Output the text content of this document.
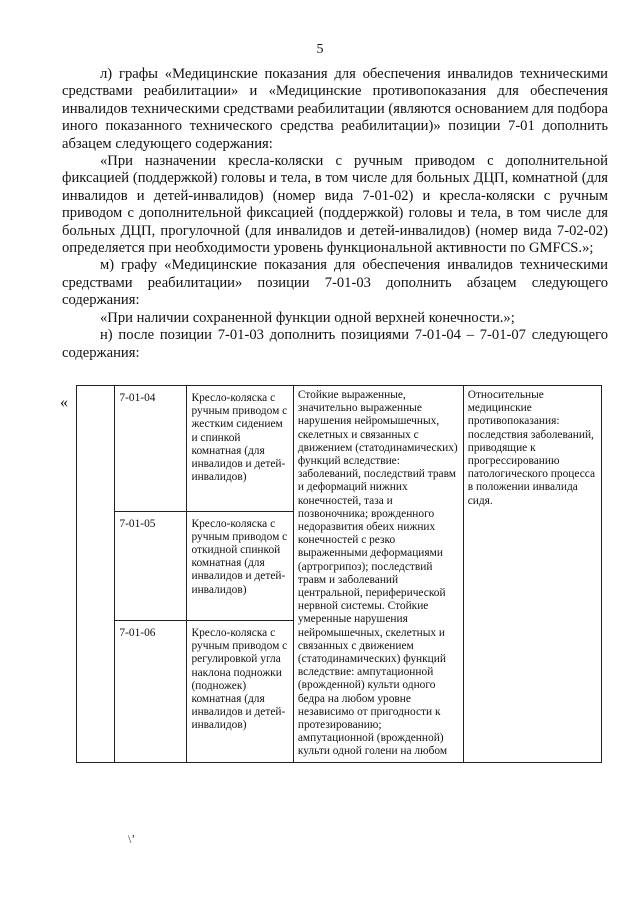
5

л) графы «Медицинские показания для обеспечения инвалидов техническими средствами реабилитации» и «Медицинские противопоказания для обеспечения инвалидов техническими средствами реабилитации (являются основанием для подбора иного показанного технического средства реабилитации)» позиции 7-01 дополнить абзацем следующего содержания:

«При назначении кресла-коляски с ручным приводом с дополнительной фиксацией (поддержкой) головы и тела, в том числе для больных ДЦП, комнатной (для инвалидов и детей-инвалидов) (номер вида 7-01-02) и кресла-коляски с ручным приводом с дополнительной фиксацией (поддержкой) головы и тела, в том числе для больных ДЦП, прогулочной (для инвалидов и детей-инвалидов) (номер вида 7-02-02) определяется при необходимости уровень функциональной активности по GMFCS.»;

м) графу «Медицинские показания для обеспечения инвалидов техническими средствами реабилитации» позиции 7-01-03 дополнить абзацем следующего содержания:

«При наличии сохраненной функции одной верхней конечности.»;

н) после позиции 7-01-03 дополнить позициями 7-01-04 – 7-01-07 следующего содержания:

«
		7-01-04	Кресло-коляска с ручным приводом с жестким сидением и спинкой комнатная (для инвалидов и детей-инвалидов)	Стойкие выраженные, значительно выраженные нарушения нейромышечных, скелетных и связанных с движением (статодинамических) функций вследствие: заболеваний, последствий травм и деформаций нижних конечностей, таза и позвоночника; врожденного недоразвития обеих нижних конечностей с резко выраженными деформациями (артрогрипоз); последствий травм и заболеваний центральной, периферической нервной системы. Стойкие умеренные нарушения нейромышечных, скелетных и связанных с движением (статодинамических) функций вследствие: ампутационной (врожденной) культи одного бедра на любом уровне независимо от пригодности к протезированию; ампутационной (врожденной) культи одной голени на любом	Относительные медицинские противопоказания: последствия заболеваний, приводящие к прогрессированию патологического процесса в положении инвалида сидя.
	7-01-05	Кресло-коляска с ручным приводом с откидной спинкой комнатная (для инвалидов и детей-инвалидов)		
	7-01-06	Кресло-коляска с ручным приводом с регулировкой угла наклона подножки (подножек) комнатная (для инвалидов и детей-инвалидов)		
\ʼ
